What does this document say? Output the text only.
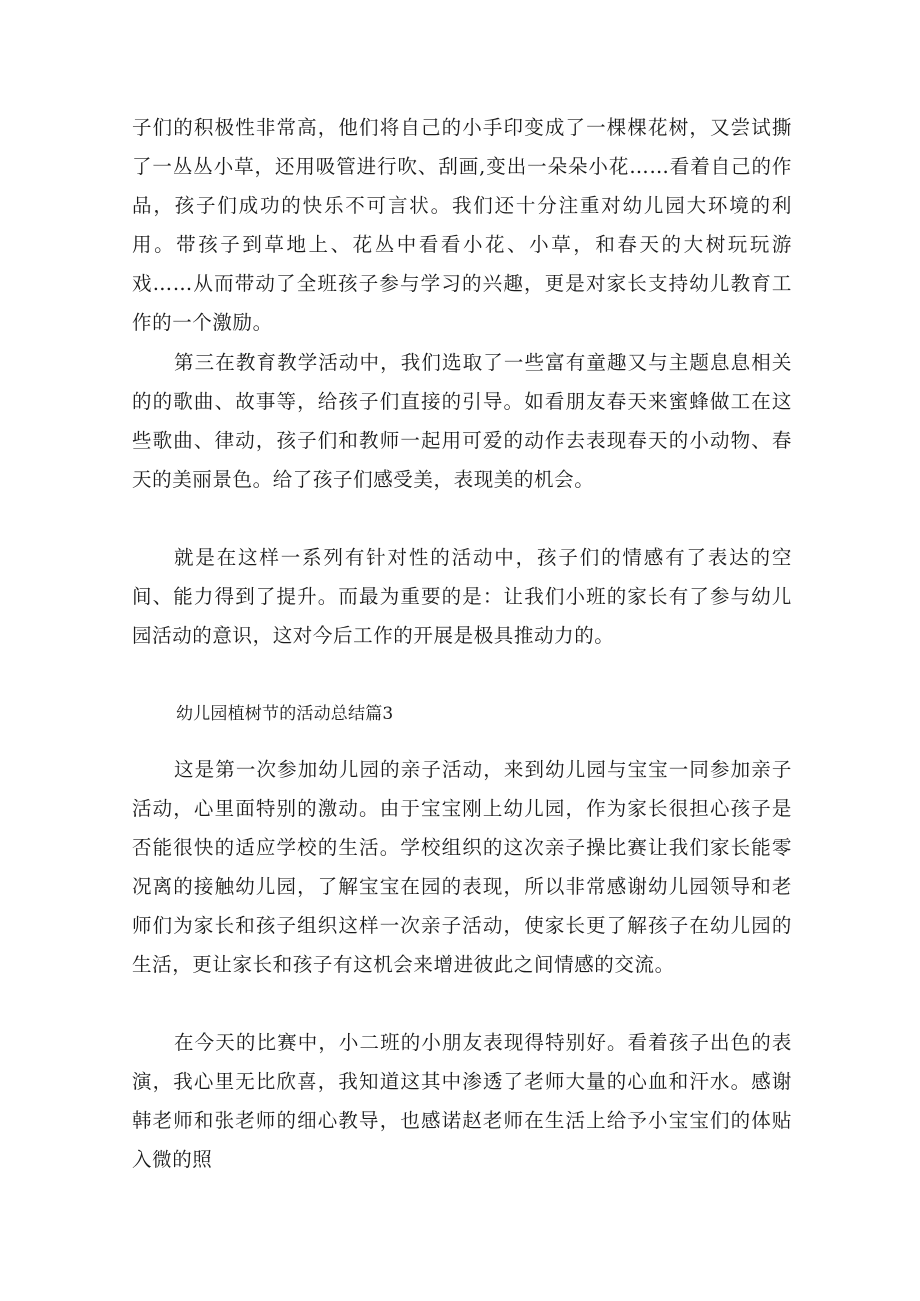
子们的积极性非常高，他们将自己的小手印变成了一棵棵花树，又尝试撕了一丛丛小草，还用吸管进行吹、刮画,变出一朵朵小花……看着自己的作品，孩子们成功的快乐不可言状。我们还十分注重对幼儿园大环境的利用。带孩子到草地上、花丛中看看小花、小草，和春天的大树玩玩游戏……从而带动了全班孩子参与学习的兴趣，更是对家长支持幼儿教育工作的一个激励。

第三在教育教学活动中，我们选取了一些富有童趣又与主题息息相关的的歌曲、故事等，给孩子们直接的引导。如看朋友春天来蜜蜂做工在这些歌曲、律动，孩子们和教师一起用可爱的动作去表现春天的小动物、春天的美丽景色。给了孩子们感受美，表现美的机会。

就是在这样一系列有针对性的活动中，孩子们的情感有了表达的空间、能力得到了提升。而最为重要的是：让我们小班的家长有了参与幼儿园活动的意识，这对今后工作的开展是极具推动力的。

幼儿园植树节的活动总结篇3

这是第一次参加幼儿园的亲子活动，来到幼儿园与宝宝一同参加亲子活动，心里面特别的激动。由于宝宝刚上幼儿园，作为家长很担心孩子是否能很快的适应学校的生活。学校组织的这次亲子操比赛让我们家长能零况离的接触幼儿园，了解宝宝在园的表现，所以非常感谢幼儿园领导和老师们为家长和孩子组织这样一次亲子活动，使家长更了解孩子在幼儿园的生活，更让家长和孩子有这机会来增进彼此之间情感的交流。

在今天的比赛中，小二班的小朋友表现得特别好。看着孩子出色的表演，我心里无比欣喜，我知道这其中渗透了老师大量的心血和汗水。感谢韩老师和张老师的细心教导，也感诺赵老师在生活上给予小宝宝们的体贴入微的照
